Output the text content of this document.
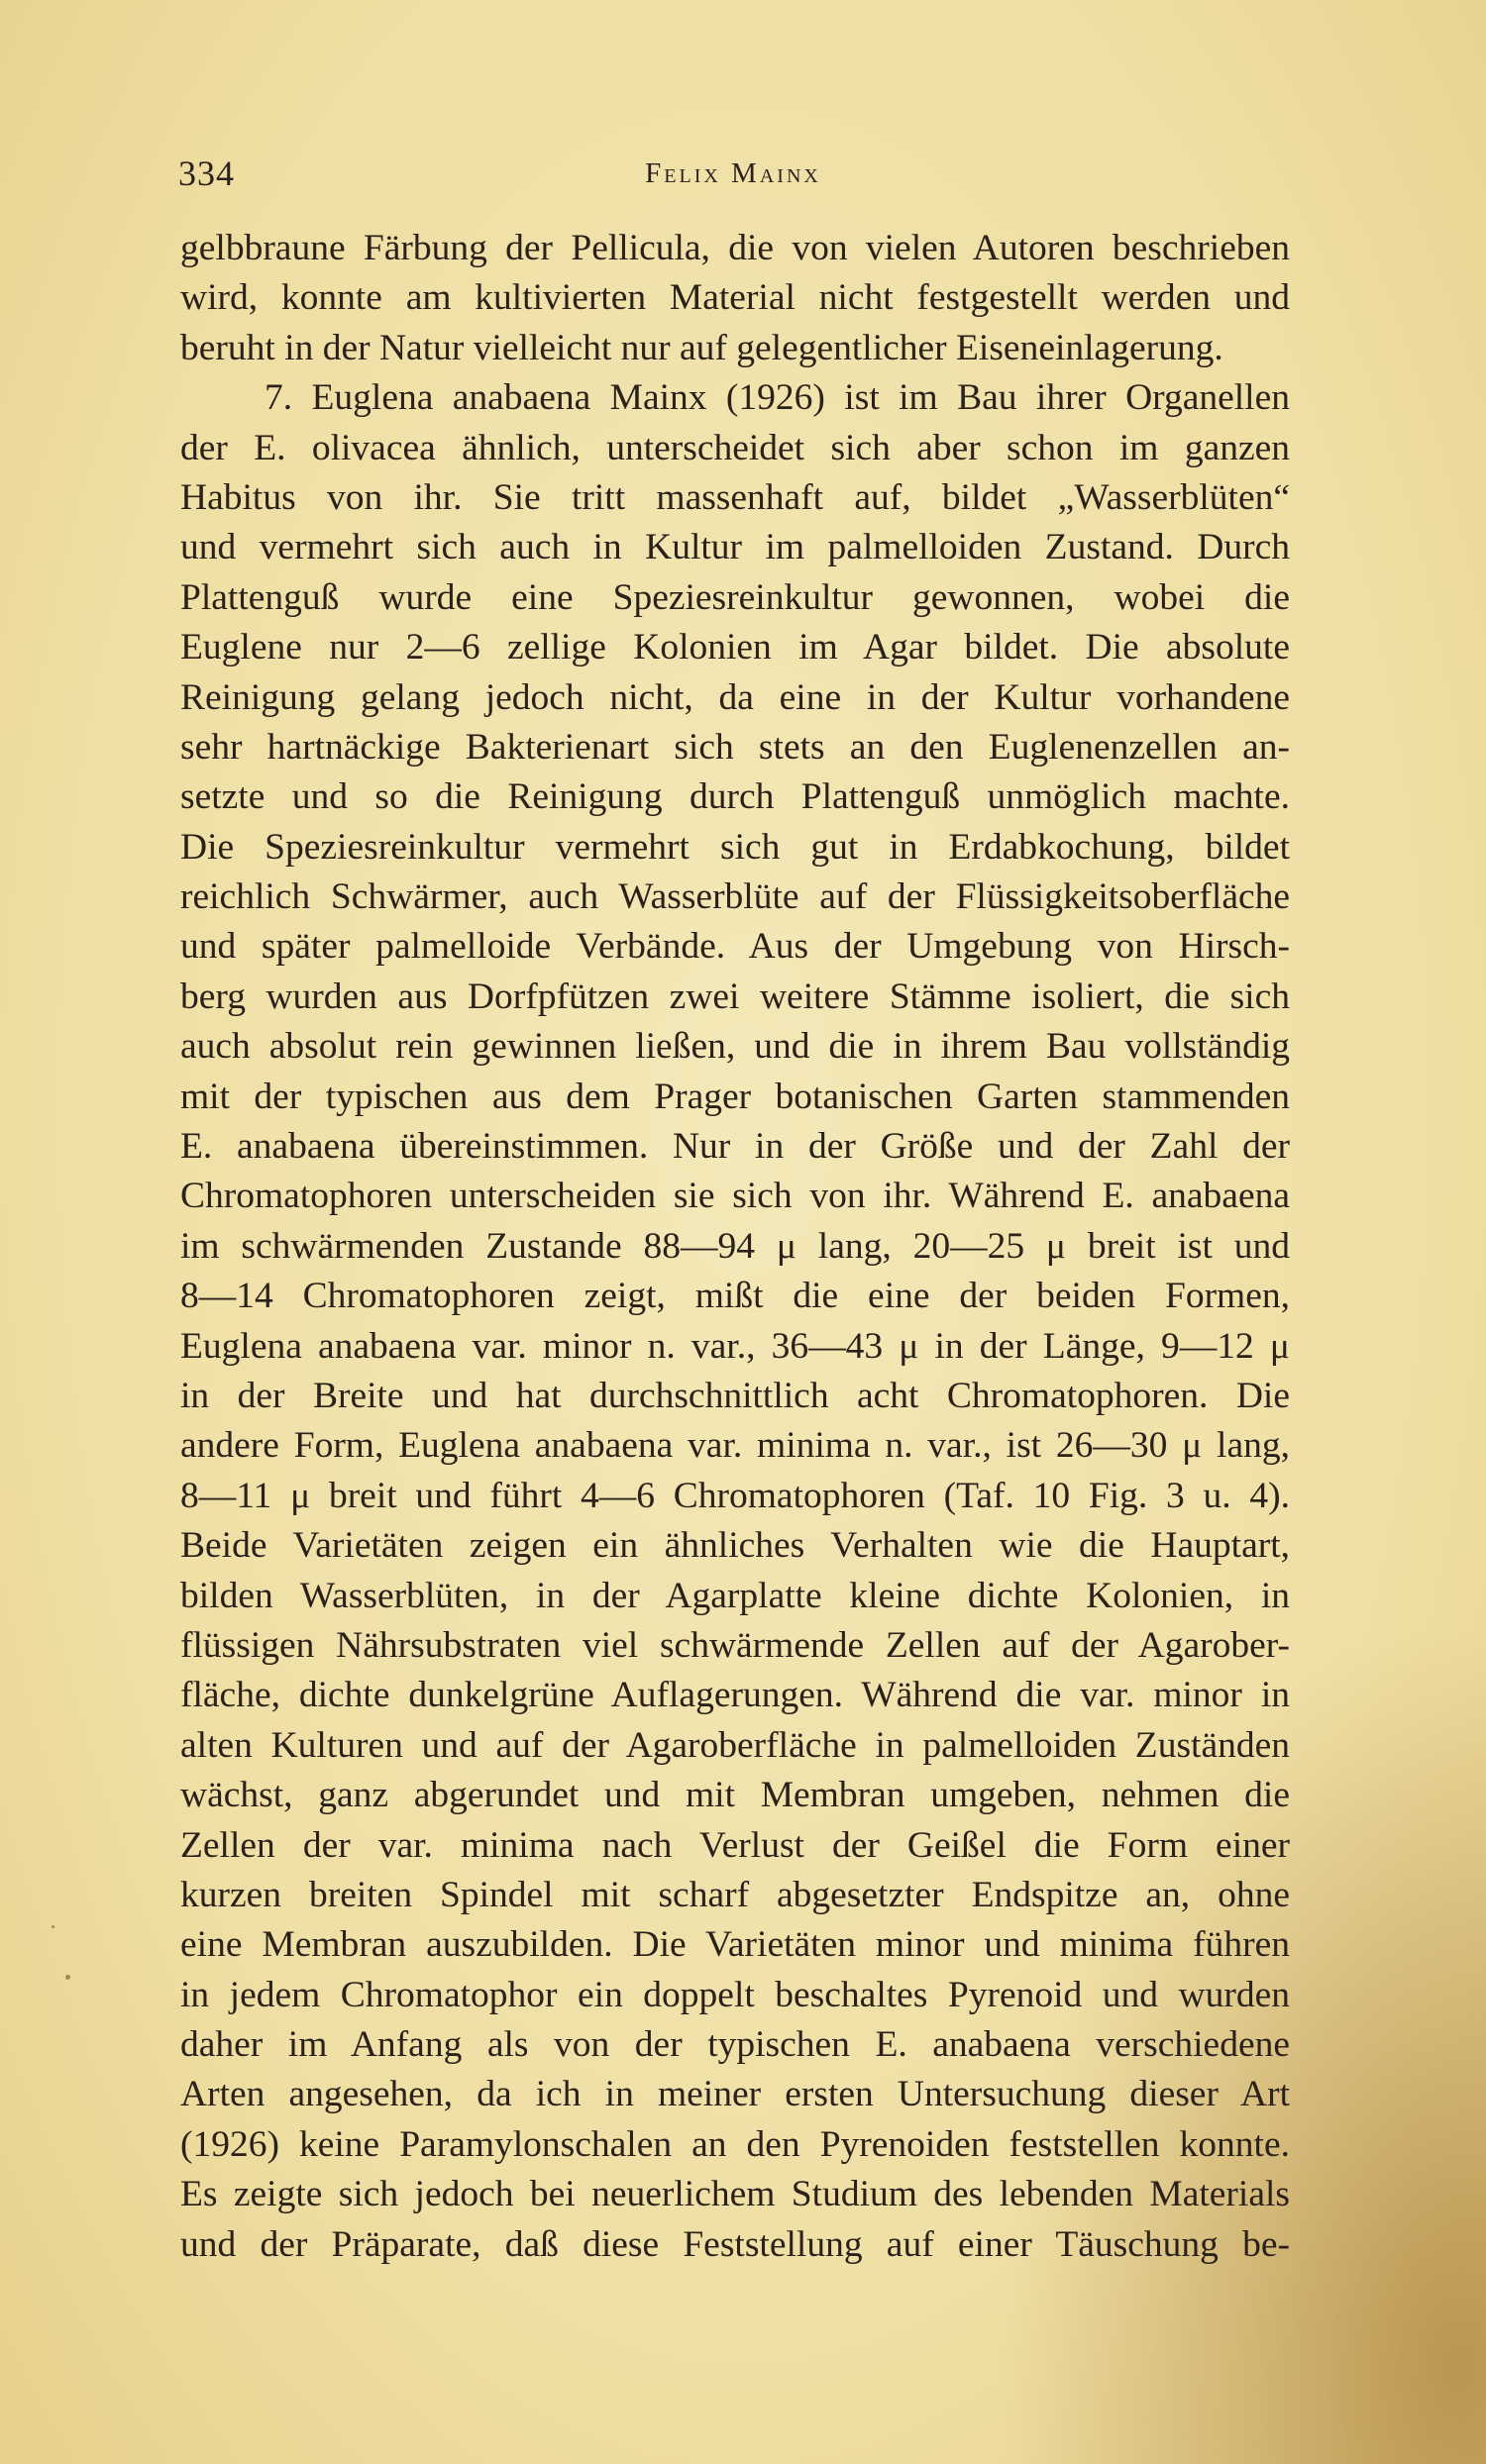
334	Felix Mainx
gelbbraune Färbung der Pellicula, die von vielen Autoren beschrieben
wird, konnte am kultivierten Material nicht festgestellt werden und
beruht in der Natur vielleicht nur auf gelegentlicher Eiseneinlagerung.
7. Euglena anabaena Mainx (1926) ist im Bau ihrer Organellen
der E. olivacea ähnlich, unterscheidet sich aber schon im ganzen
Habitus von ihr. Sie tritt massenhaft auf, bildet „Wasserblüten“
und vermehrt sich auch in Kultur im palmelloiden Zustand. Durch
Plattenguß wurde eine Speziesreinkultur gewonnen, wobei die
Euglene nur 2—6 zellige Kolonien im Agar bildet. Die absolute
Reinigung gelang jedoch nicht, da eine in der Kultur vorhandene
sehr hartnäckige Bakterienart sich stets an den Euglenenzellen an-
setzte und so die Reinigung durch Plattenguß unmöglich machte.
Die Speziesreinkultur vermehrt sich gut in Erdabkochung, bildet
reichlich Schwärmer, auch Wasserblüte auf der Flüssigkeitsoberfläche
und später palmelloide Verbände. Aus der Umgebung von Hirsch-
berg wurden aus Dorfpfützen zwei weitere Stämme isoliert, die sich
auch absolut rein gewinnen ließen, und die in ihrem Bau vollständig
mit der typischen aus dem Prager botanischen Garten stammenden
E. anabaena übereinstimmen. Nur in der Größe und der Zahl der
Chromatophoren unterscheiden sie sich von ihr. Während E. anabaena
im schwärmenden Zustande 88—94 μ lang, 20—25 μ breit ist und
8—14 Chromatophoren zeigt, mißt die eine der beiden Formen,
Euglena anabaena var. minor n. var., 36—43 μ in der Länge, 9—12 μ
in der Breite und hat durchschnittlich acht Chromatophoren. Die
andere Form, Euglena anabaena var. minima n. var., ist 26—30 μ lang,
8—11 μ breit und führt 4—6 Chromatophoren (Taf. 10 Fig. 3 u. 4).
Beide Varietäten zeigen ein ähnliches Verhalten wie die Hauptart,
bilden Wasserblüten, in der Agarplatte kleine dichte Kolonien, in
flüssigen Nährsubstraten viel schwärmende Zellen auf der Agarober-
fläche, dichte dunkelgrüne Auflagerungen. Während die var. minor in
alten Kulturen und auf der Agaroberfläche in palmelloiden Zuständen
wächst, ganz abgerundet und mit Membran umgeben, nehmen die
Zellen der var. minima nach Verlust der Geißel die Form einer
kurzen breiten Spindel mit scharf abgesetzter Endspitze an, ohne
eine Membran auszubilden. Die Varietäten minor und minima führen
in jedem Chromatophor ein doppelt beschaltes Pyrenoid und wurden
daher im Anfang als von der typischen E. anabaena verschiedene
Arten angesehen, da ich in meiner ersten Untersuchung dieser Art
(1926) keine Paramylonschalen an den Pyrenoiden feststellen konnte.
Es zeigte sich jedoch bei neuerlichem Studium des lebenden Materials
und der Präparate, daß diese Feststellung auf einer Täuschung be-
